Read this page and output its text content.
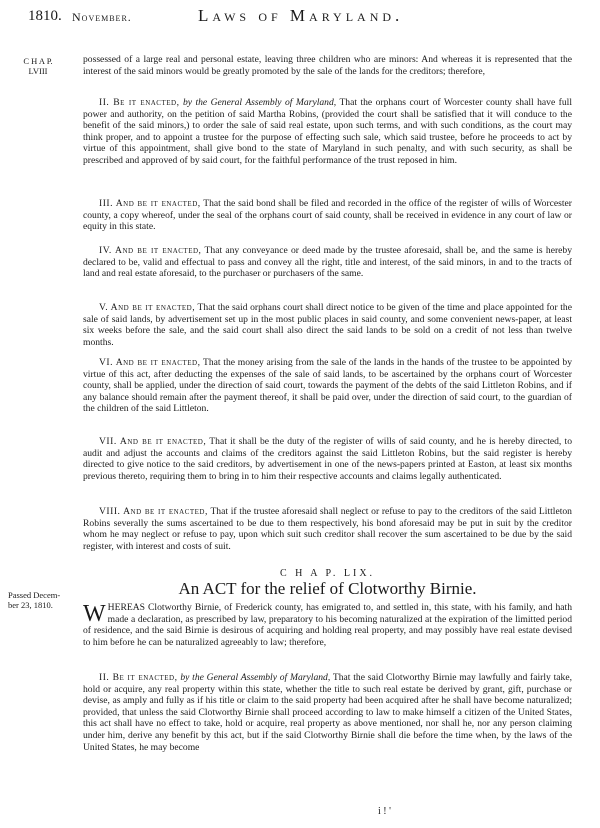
1810. November.	Laws of Maryland.
C H A P.
LVIII

possessed of a large real and personal estate, leaving three children who are minors: And whereas it is represented that the interest of the said minors would be greatly promoted by the sale of the lands for the creditors; therefore,

II. Be it enacted, by the General Assembly of Maryland, That the orphans court of Worcester county shall have full power and authority, on the petition of said Martha Robins, (provided the court shall be satisfied that it will conduce to the benefit of the said minors,) to order the sale of said real estate, upon such terms, and with such conditions, as the court may think proper, and to appoint a trustee for the purpose of effecting such sale, which said trustee, before he proceeds to act by virtue of this appointment, shall give bond to the state of Maryland in such penalty, and with such security, as shall be prescribed and approved of by said court, for the faithful performance of the trust reposed in him.

III. And be it enacted, That the said bond shall be filed and recorded in the office of the register of wills of Worcester county, a copy whereof, under the seal of the orphans court of said county, shall be received in evidence in any court of law or equity in this state.

IV. And be it enacted, That any conveyance or deed made by the trustee aforesaid, shall be, and the same is hereby declared to be, valid and effectual to pass and convey all the right, title and interest, of the said minors, in and to the tracts of land and real estate aforesaid, to the purchaser or purchasers of the same.

V. And be it enacted, That the said orphans court shall direct notice to be given of the time and place appointed for the sale of said lands, by advertisement set up in the most public places in said county, and some convenient news-paper, at least six weeks before the sale, and the said court shall also direct the said lands to be sold on a credit of not less than twelve months.

VI. And be it enacted, That the money arising from the sale of the lands in the hands of the trustee to be appointed by virtue of this act, after deducting the expenses of the sale of said lands, to be ascertained by the orphans court of Worcester county, shall be applied, under the direction of said court, towards the payment of the debts of the said Littleton Robins, and if any balance should remain after the payment thereof, it shall be paid over, under the direction of said court, to the guardian of the children of the said Littleton.

VII. And be it enacted, That it shall be the duty of the register of wills of said county, and he is hereby directed, to audit and adjust the accounts and claims of the creditors against the said Littleton Robins, but the said register is hereby directed to give notice to the said creditors, by advertisement in one of the news-papers printed at Easton, at least six months previous thereto, requiring them to bring in to him their respective accounts and claims legally authenticated.

VIII. And be it enacted, That if the trustee aforesaid shall neglect or refuse to pay to the creditors of the said Littleton Robins severally the sums ascertained to be due to them respectively, his bond aforesaid may be put in suit by the creditor whom he may neglect or refuse to pay, upon which suit such creditor shall recover the sum ascertained to be due by the said register, with interest and costs of suit.

C H A P. LIX.
An ACT for the relief of Clotworthy Birnie.
Passed Decem-
ber 23, 1810.	WHEREAS Clotworthy Birnie, of Frederick county, has emigrated to, and settled in, this state, with his family, and hath made a declaration, as prescribed by law, preparatory to his becoming naturalized at the expiration of the limitted period of residence, and the said Birnie is desirous of acquiring and holding real property, and may possibly have real estate devised to him before he can be naturalized agreeably to law; therefore,

II. Be it enacted, by the General Assembly of Maryland, That the said Clotworthy Birnie may lawfully and fairly take, hold or acquire, any real property within this state, whether the title to such real estate be derived by grant, gift, purchase or devise, as amply and fully as if his title or claim to the said property had been acquired after he shall have become naturalized; provided, that unless the said Clotworthy Birnie shall proceed according to law to make himself a citizen of the United States, this act shall have no effect to take, hold or acquire, real property as above mentioned, nor shall he, nor any person claiming under him, derive any benefit by this act, but if the said Clotworthy Birnie shall die before the time when, by the laws of the United States, he may become

i ! '
